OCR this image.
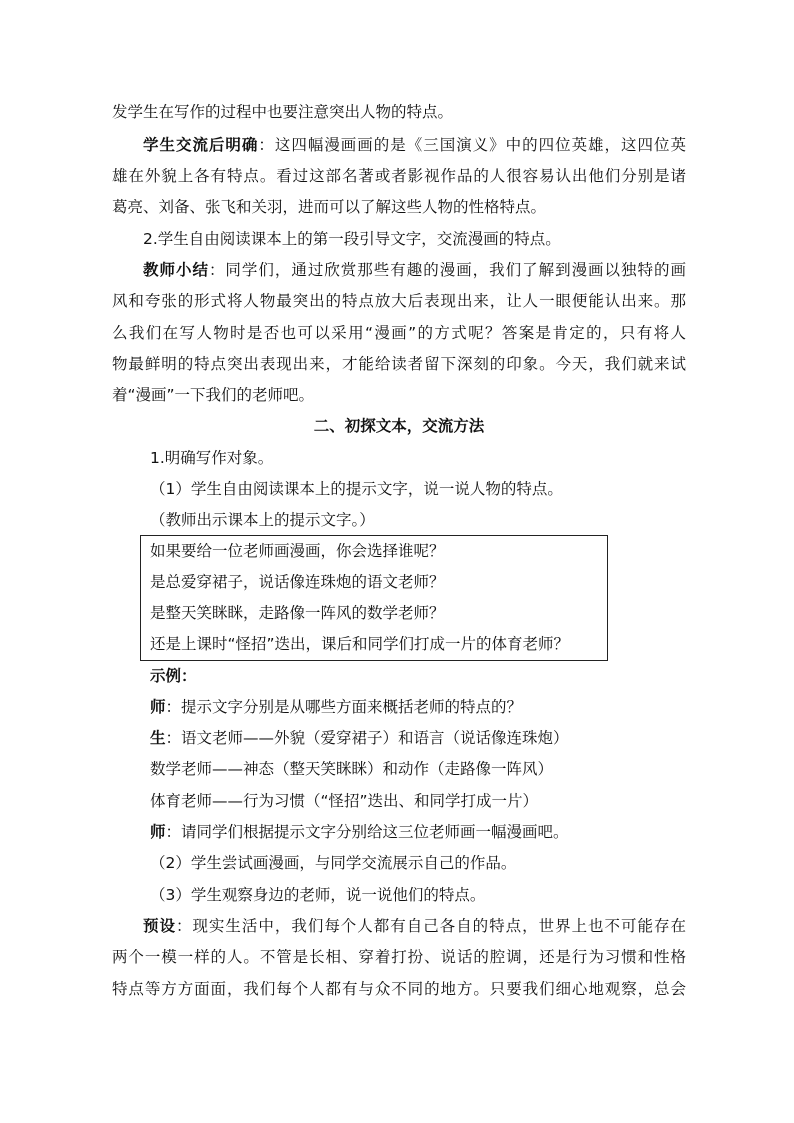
发学生在写作的过程中也要注意突出人物的特点。
学生交流后明确：这四幅漫画画的是《三国演义》中的四位英雄，这四位英
雄在外貌上各有特点。看过这部名著或者影视作品的人很容易认出他们分别是诸
葛亮、刘备、张飞和关羽，进而可以了解这些人物的性格特点。
2.学生自由阅读课本上的第一段引导文字，交流漫画的特点。
教师小结：同学们，通过欣赏那些有趣的漫画，我们了解到漫画以独特的画
风和夸张的形式将人物最突出的特点放大后表现出来，让人一眼便能认出来。那
么我们在写人物时是否也可以采用“漫画”的方式呢？答案是肯定的，只有将人
物最鲜明的特点突出表现出来，才能给读者留下深刻的印象。今天，我们就来试
着“漫画”一下我们的老师吧。
二、初探文本，交流方法
1.明确写作对象。
（1）学生自由阅读课本上的提示文字，说一说人物的特点。
（教师出示课本上的提示文字。）
如果要给一位老师画漫画，你会选择谁呢？
是总爱穿裙子，说话像连珠炮的语文老师？
是整天笑眯眯，走路像一阵风的数学老师？
还是上课时“怪招”迭出，课后和同学们打成一片的体育老师？
示例：
师：提示文字分别是从哪些方面来概括老师的特点的？
生：语文老师——外貌（爱穿裙子）和语言（说话像连珠炮）
数学老师——神态（整天笑眯眯）和动作（走路像一阵风）
体育老师——行为习惯（“怪招”迭出、和同学打成一片）
师：请同学们根据提示文字分别给这三位老师画一幅漫画吧。
（2）学生尝试画漫画，与同学交流展示自己的作品。
（3）学生观察身边的老师，说一说他们的特点。
预设：现实生活中，我们每个人都有自己各自的特点，世界上也不可能存在
两个一模一样的人。不管是长相、穿着打扮、说话的腔调，还是行为习惯和性格
特点等方方面面，我们每个人都有与众不同的地方。只要我们细心地观察，总会
